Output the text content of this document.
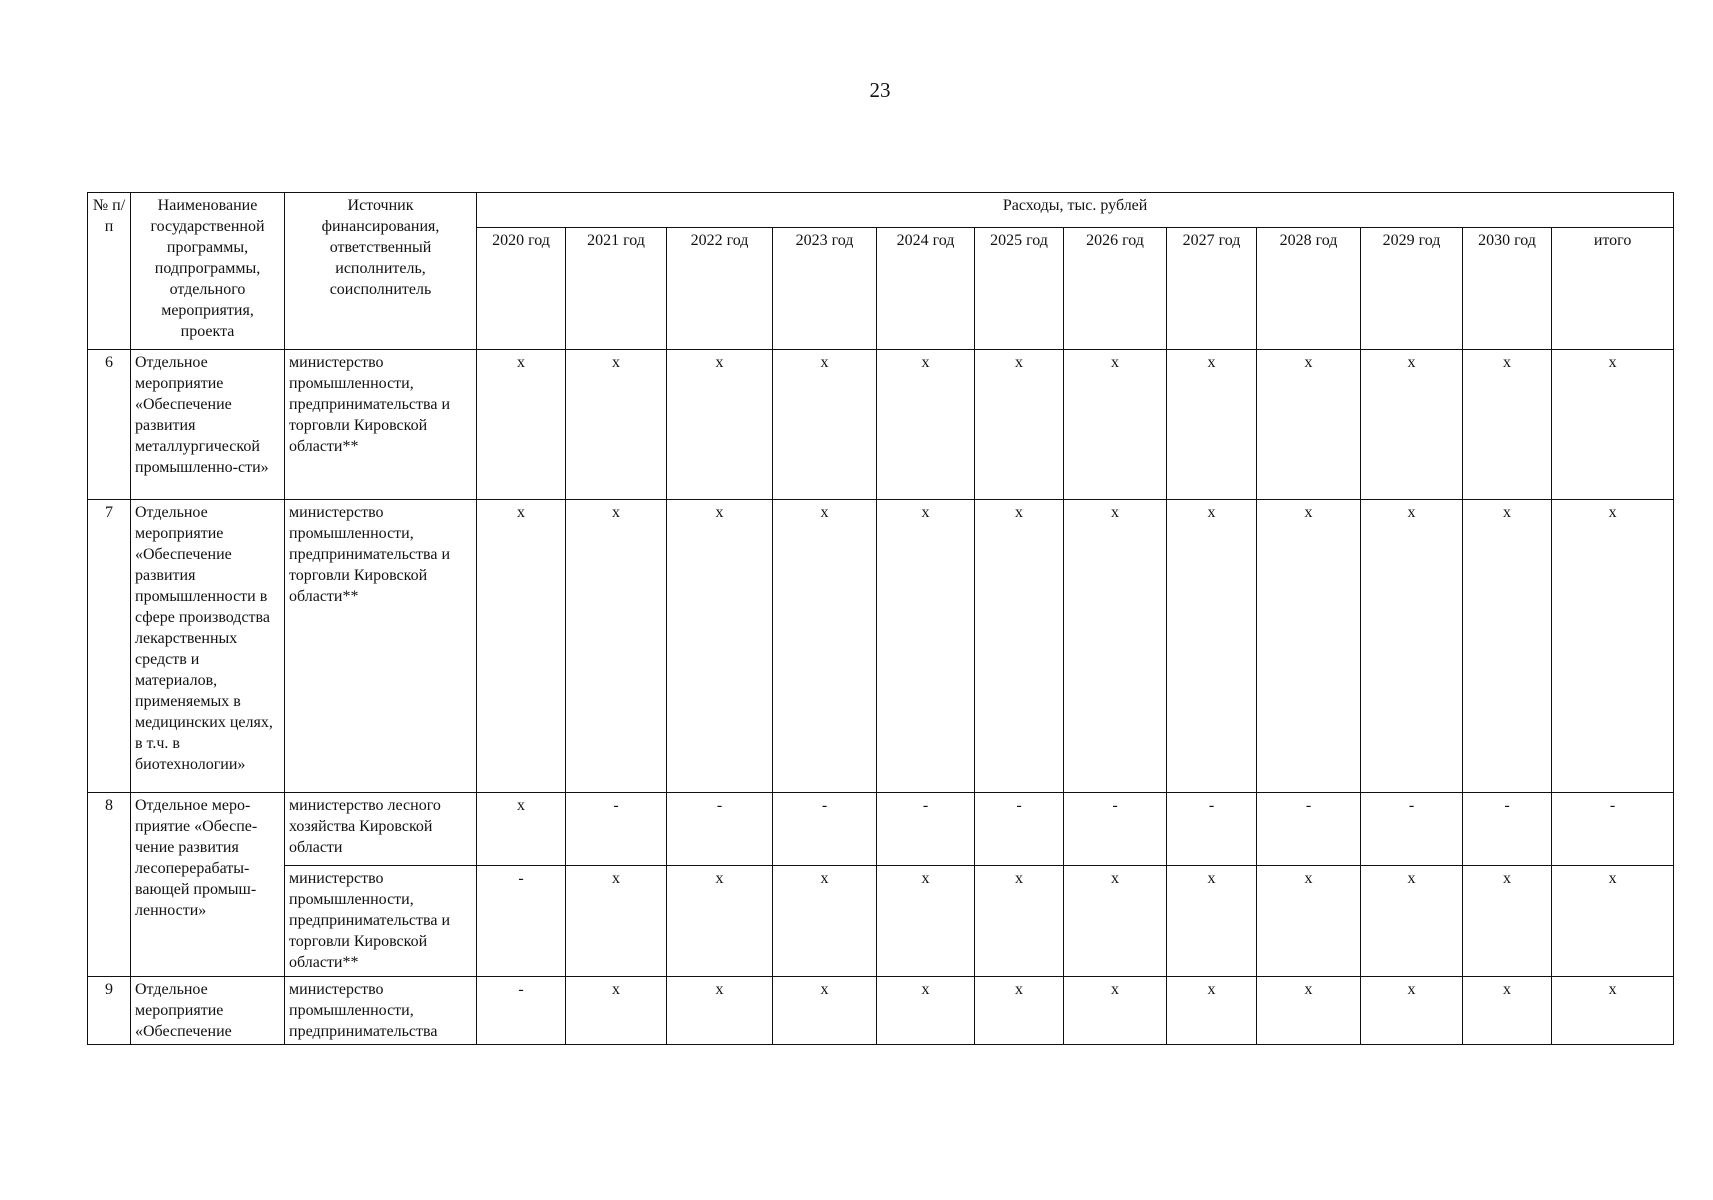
23
№ п/п	Наименование государственной программы, подпрограммы, отдельного мероприятия, проекта	Источник финансирования, ответственный исполнитель, соисполнитель	Расходы, тыс. рублей											
			2020 год	2021 год	2022 год	2023 год	2024 год	2025 год	2026 год	2027 год	2028 год	2029 год	2030 год	итого
6	Отдельное мероприятие «Обеспечение развития металлургической промышленно-сти»	министерство промышленности, предпринимательства и торговли Кировской области**	x	x	x	x	x	x	x	x	x	x	x	x
7	Отдельное мероприятие «Обеспечение развития промышленности в сфере производства лекарственных средств и материалов, применяемых в медицинских целях, в т.ч. в биотехнологии»	министерство промышленности, предпринимательства и торговли Кировской области**	x	x	x	x	x	x	x	x	x	x	x	x
8	Отдельное меро-приятие «Обеспе-чение развития лесоперерабаты-вающей промыш-ленности»	министерство лесного хозяйства Кировской области	x	-	-	-	-	-	-	-	-	-	-	-
		министерство промышленности, предпринимательства и торговли Кировской области**	-	x	x	x	x	x	x	x	x	x	x	x
9	Отдельное мероприятие «Обеспечение	министерство промышленности, предпринимательства	-	x	x	x	x	x	x	x	x	x	x	x
